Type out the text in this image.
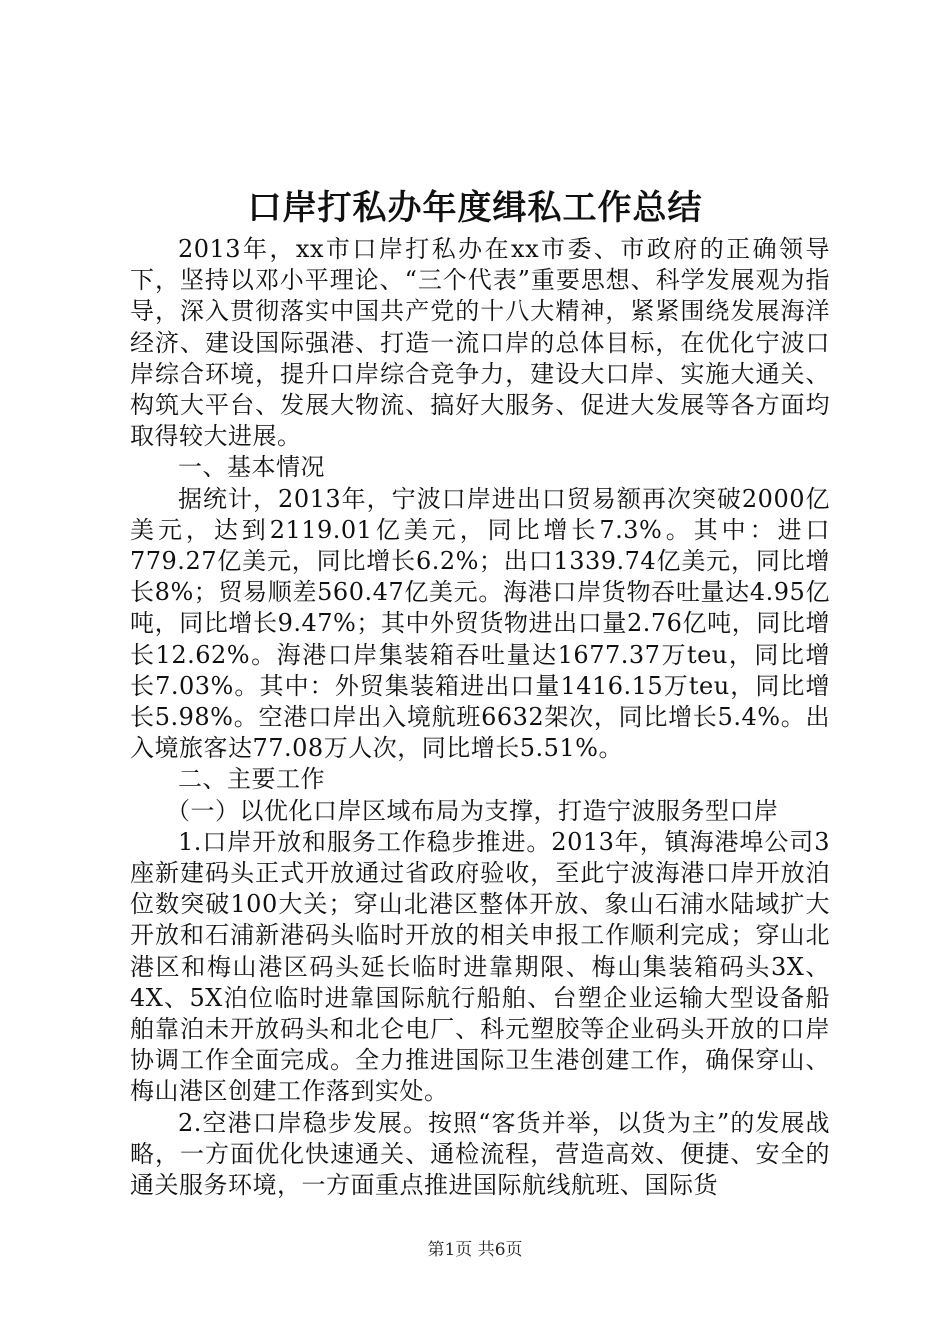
口岸打私办年度缉私工作总结

2013年，xx市口岸打私办在xx市委、市政府的正确领导下，坚持以邓小平理论、“三个代表”重要思想、科学发展观为指导，深入贯彻落实中国共产党的十八大精神，紧紧围绕发展海洋经济、建设国际强港、打造一流口岸的总体目标，在优化宁波口岸综合环境，提升口岸综合竞争力，建设大口岸、实施大通关、构筑大平台、发展大物流、搞好大服务、促进大发展等各方面均取得较大进展。

一、基本情况

据统计，2013年，宁波口岸进出口贸易额再次突破2000亿美元，达到2119.01亿美元，同比增长7.3%。其中：进口779.27亿美元，同比增长6.2%；出口1339.74亿美元，同比增长8%；贸易顺差560.47亿美元。海港口岸货物吞吐量达4.95亿吨，同比增长9.47%；其中外贸货物进出口量2.76亿吨，同比增长12.62%。海港口岸集装箱吞吐量达1677.37万teu，同比增长7.03%。其中：外贸集装箱进出口量1416.15万teu，同比增长5.98%。空港口岸出入境航班6632架次，同比增长5.4%。出入境旅客达77.08万人次，同比增长5.51%。

二、主要工作

（一）以优化口岸区域布局为支撑，打造宁波服务型口岸

1.口岸开放和服务工作稳步推进。2013年，镇海港埠公司3座新建码头正式开放通过省政府验收，至此宁波海港口岸开放泊位数突破100大关；穿山北港区整体开放、象山石浦水陆域扩大开放和石浦新港码头临时开放的相关申报工作顺利完成；穿山北港区和梅山港区码头延长临时进靠期限、梅山集装箱码头3X、4X、5X泊位临时进靠国际航行船舶、台塑企业运输大型设备船舶靠泊未开放码头和北仑电厂、科元塑胶等企业码头开放的口岸协调工作全面完成。全力推进国际卫生港创建工作，确保穿山、梅山港区创建工作落到实处。

2.空港口岸稳步发展。按照“客货并举，以货为主”的发展战略，一方面优化快速通关、通检流程，营造高效、便捷、安全的通关服务环境，一方面重点推进国际航线航班、国际货

第1页 共6页
